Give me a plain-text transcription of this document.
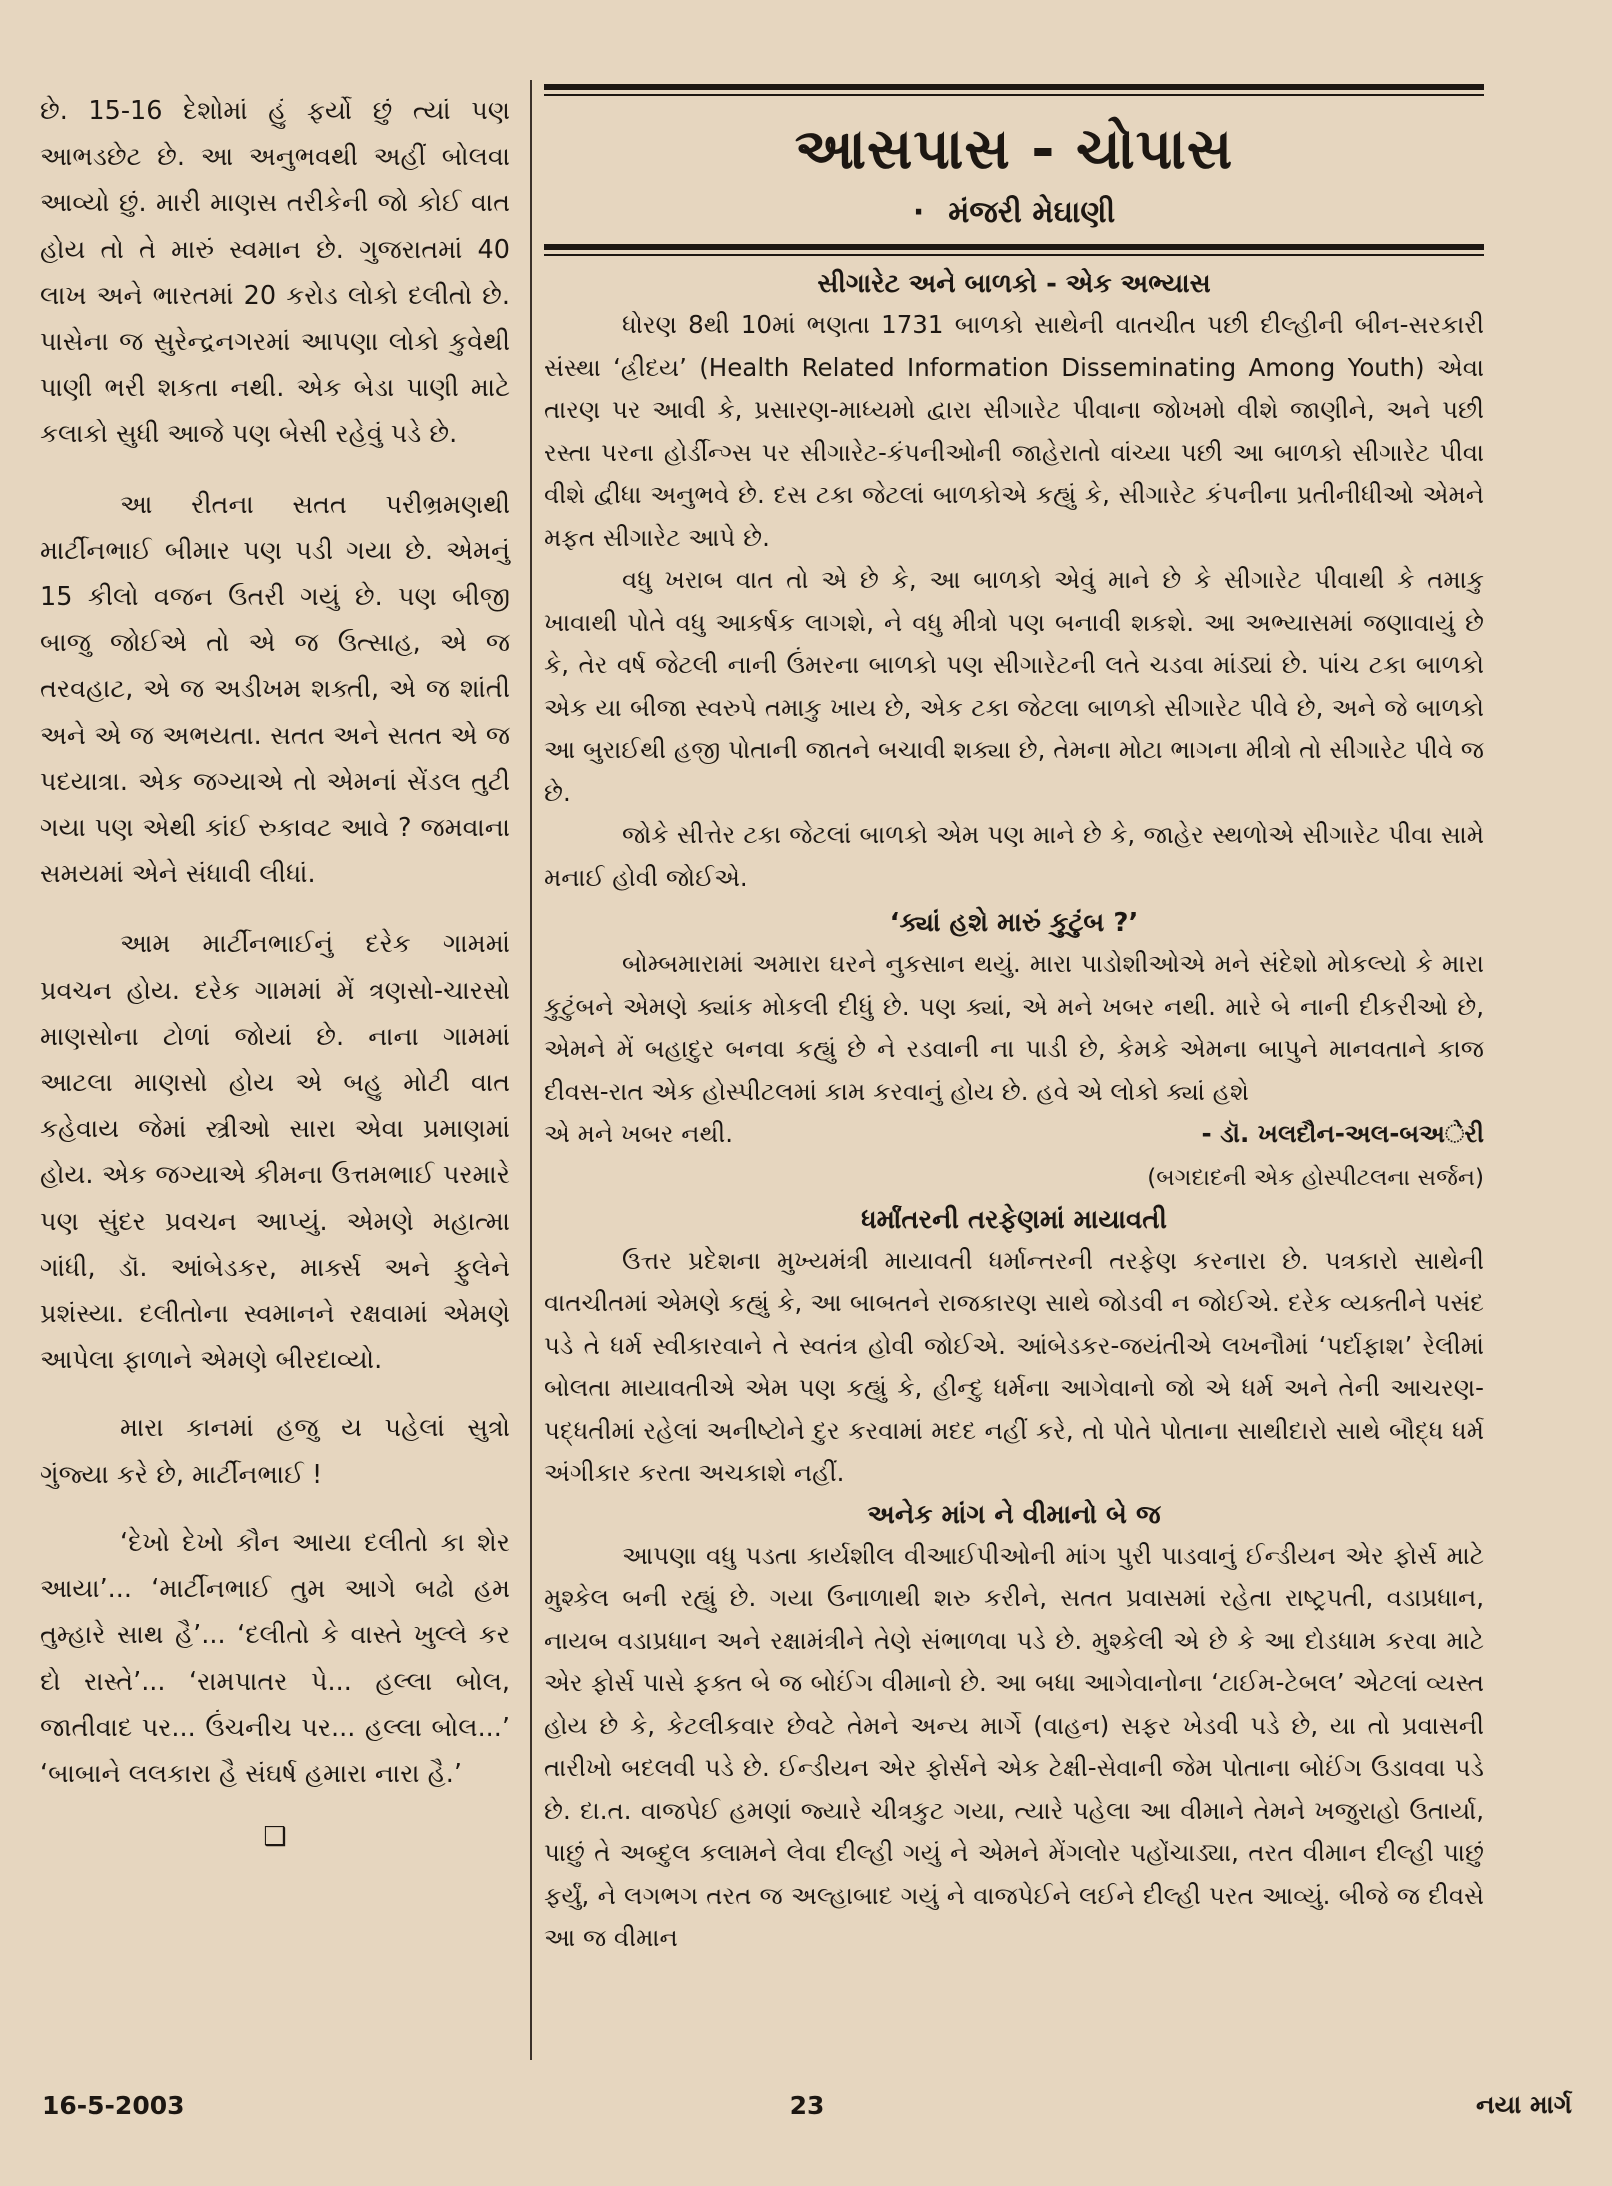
છે. 15-16 દેશોમાં હું ફર્યો છું ત્યાં પણ આભડછેટ છે. આ અનુભવથી અહીં બોલવા આવ્યો છું. મારી માણસ તરીકેની જો કોઈ વાત હોય તો તે મારું સ્વમાન છે. ગુજરાતમાં 40 લાખ અને ભારતમાં 20 કરોડ લોકો દલીતો છે. પાસેના જ સુરેન્દ્રનગરમાં આપણા લોકો કુવેથી પાણી ભરી શકતા નથી. એક બેડા પાણી માટે કલાકો સુધી આજે પણ બેસી રહેવું પડે છે.

આ રીતના સતત પરીભ્રમણથી માર્ટીનભાઈ બીમાર પણ પડી ગયા છે. એમનું 15 કીલો વજન ઉતરી ગયું છે. પણ બીજી બાજુ જોઈએ તો એ જ ઉત્સાહ, એ જ તરવહાટ, એ જ અડીખમ શક્તી, એ જ શાંતી અને એ જ અભયતા. સતત અને સતત એ જ પદયાત્રા. એક જગ્યાએ તો એમનાં સેંડલ તુટી ગયા પણ એથી કાંઈ રુકાવટ આવે ? જમવાના સમયમાં એને સંધાવી લીધાં.

આમ માર્ટીનભાઈનું દરેક ગામમાં પ્રવચન હોય. દરેક ગામમાં મેં ત્રણસો-ચારસો માણસોના ટોળાં જોયાં છે. નાના ગામમાં આટલા માણસો હોય એ બહુ મોટી વાત કહેવાય જેમાં સ્ત્રીઓ સારા એવા પ્રમાણમાં હોય. એક જગ્યાએ કીમના ઉત્તમભાઈ પરમારે પણ સુંદર પ્રવચન આપ્યું. એમણે મહાત્મા ગાંધી, ડૉ. આંબેડકર, માર્ક્સ અને ફુલેને પ્રશંસ્યા. દલીતોના સ્વમાનને રક્ષવામાં એમણે આપેલા ફાળાને એમણે બીરદાવ્યો.

મારા કાનમાં હજુ ય પહેલાં સુત્રો ગુંજ્યા કરે છે, માર્ટીનભાઈ !

‘દેખો દેખો કૌન આયા દલીતો કા શેર આયા’... ‘માર્ટીનભાઈ તુમ આગે બઢો હમ તુમ્હારે સાથ હૈ’... ‘દલીતો કે વાસ્તે ખુલ્લે કર દો રાસ્તે’... ‘રામપાતર પે... હલ્લા બોલ, જાતીવાદ પર... ઉંચનીચ પર... હલ્લા બોલ...’ ‘બાબાને લલકારા હૈ સંઘર્ષ હમારા નારા હૈ.’

❑
આસપાસ - ચોપાસ
· મંજરી મેઘાણી
સીગારેટ અને બાળકો - એક અભ્યાસ

ધોરણ 8થી 10માં ભણતા 1731 બાળકો સાથેની વાતચીત પછી દીલ્હીની બીન-સરકારી સંસ્થા ‘હ્રીદય’ (Health Related Information Disseminating Among Youth) એવા તારણ પર આવી કે, પ્રસારણ-માધ્યમો દ્વારા સીગારેટ પીવાના જોખમો વીશે જાણીને, અને પછી રસ્તા પરના હોર્ડીન્ગ્સ પર સીગારેટ-કંપનીઓની જાહેરાતો વાંચ્યા પછી આ બાળકો સીગારેટ પીવા વીશે દ્વીધા અનુભવે છે. દસ ટકા જેટલાં બાળકોએ કહ્યું કે, સીગારેટ કંપનીના પ્રતીનીધીઓ એમને મફત સીગારેટ આપે છે.

વધુ ખરાબ વાત તો એ છે કે, આ બાળકો એવું માને છે કે સીગારેટ પીવાથી કે તમાકુ ખાવાથી પોતે વધુ આકર્ષક લાગશે, ને વધુ મીત્રો પણ બનાવી શકશે. આ અભ્યાસમાં જણાવાયું છે કે, તેર વર્ષ જેટલી નાની ઉંમરના બાળકો પણ સીગારેટની લતે ચડવા માંડ્યાં છે. પાંચ ટકા બાળકો એક યા બીજા સ્વરુપે તમાકુ ખાય છે, એક ટકા જેટલા બાળકો સીગારેટ પીવે છે, અને જે બાળકો આ બુરાઈથી હજી પોતાની જાતને બચાવી શક્યા છે, તેમના મોટા ભાગના મીત્રો તો સીગારેટ પીવે જ છે.

જોકે સીત્તેર ટકા જેટલાં બાળકો એમ પણ માને છે કે, જાહેર સ્થળોએ સીગારેટ પીવા સામે મનાઈ હોવી જોઈએ.

‘ક્યાં હશે મારું કુટુંબ ?’

બોમ્બમારામાં અમારા ઘરને નુકસાન થયું. મારા પાડોશીઓએ મને સંદેશો મોકલ્યો કે મારા કુટુંબને એમણે ક્યાંક મોકલી દીધું છે. પણ ક્યાં, એ મને ખબર નથી. મારે બે નાની દીકરીઓ છે, એમને મેં બહાદુર બનવા કહ્યું છે ને રડવાની ના પાડી છે, કેમકે એમના બાપુને માનવતાને કાજ દીવસ-રાત એક હોસ્પીટલમાં કામ કરવાનું હોય છે. હવે એ લોકો ક્યાં હશે

એ મને ખબર નથી.	- ડૉ. ખલદૌન-અલ-બઅેરી
(બગદાદની એક હોસ્પીટલના સર્જન)
ધર્માંતરની તરફેણમાં માયાવતી

ઉત્તર પ્રદેશના મુખ્યમંત્રી માયાવતી ધર્માન્તરની તરફેણ કરનારા છે. પત્રકારો સાથેની વાતચીતમાં એમણે કહ્યું કે, આ બાબતને રાજકારણ સાથે જોડવી ન જોઈએ. દરેક વ્યક્તીને પસંદ પડે તે ધર્મ સ્વીકારવાને તે સ્વતંત્ર હોવી જોઈએ. આંબેડકર-જયંતીએ લખનૌમાં ‘પર્દાફાશ’ રેલીમાં બોલતા માયાવતીએ એમ પણ કહ્યું કે, હીન્દુ ધર્મના આગેવાનો જો એ ધર્મ અને તેની આચરણ-પદ્ધતીમાં રહેલાં અનીષ્ટોને દુર કરવામાં મદદ નહીં કરે, તો પોતે પોતાના સાથીદારો સાથે બૌદ્ધ ધર્મ અંગીકાર કરતા અચકાશે નહીં.

અનેક માંગ ને વીમાનો બે જ

આપણા વધુ પડતા કાર્યશીલ વીઆઈપીઓની માંગ પુરી પાડવાનું ઈન્ડીયન એર ફોર્સ માટે મુશ્કેલ બની રહ્યું છે. ગયા ઉનાળાથી શરુ કરીને, સતત પ્રવાસમાં રહેતા રાષ્ટ્રપતી, વડાપ્રધાન, નાયબ વડાપ્રધાન અને રક્ષામંત્રીને તેણે સંભાળવા પડે છે. મુશ્કેલી એ છે કે આ દોડધામ કરવા માટે એર ફોર્સ પાસે ફક્ત બે જ બોઈંગ વીમાનો છે. આ બધા આગેવાનોના ‘ટાઈમ-ટેબલ’ એટલાં વ્યસ્ત હોય છે કે, કેટલીકવાર છેવટે તેમને અન્ય માર્ગે (વાહન) સફર ખેડવી પડે છે, યા તો પ્રવાસની તારીખો બદલવી પડે છે. ઈન્ડીયન એર ફોર્સને એક ટેક્ષી-સેવાની જેમ પોતાના બોઈંગ ઉડાવવા પડે છે. દા.ત. વાજપેઈ હમણાં જ્યારે ચીત્રકુટ ગયા, ત્યારે પહેલા આ વીમાને તેમને ખજુરાહો ઉતાર્યા, પાછું તે અબ્દુલ કલામને લેવા દીલ્હી ગયું ને એમને મેંગલોર પહોંચાડ્યા, તરત વીમાન દીલ્હી પાછું ફર્યું, ને લગભગ તરત જ અલ્હાબાદ ગયું ને વાજપેઈને લઈને દીલ્હી પરત આવ્યું. બીજે જ દીવસે આ જ વીમાન

16-5-2003	23	નયા માર્ગ
